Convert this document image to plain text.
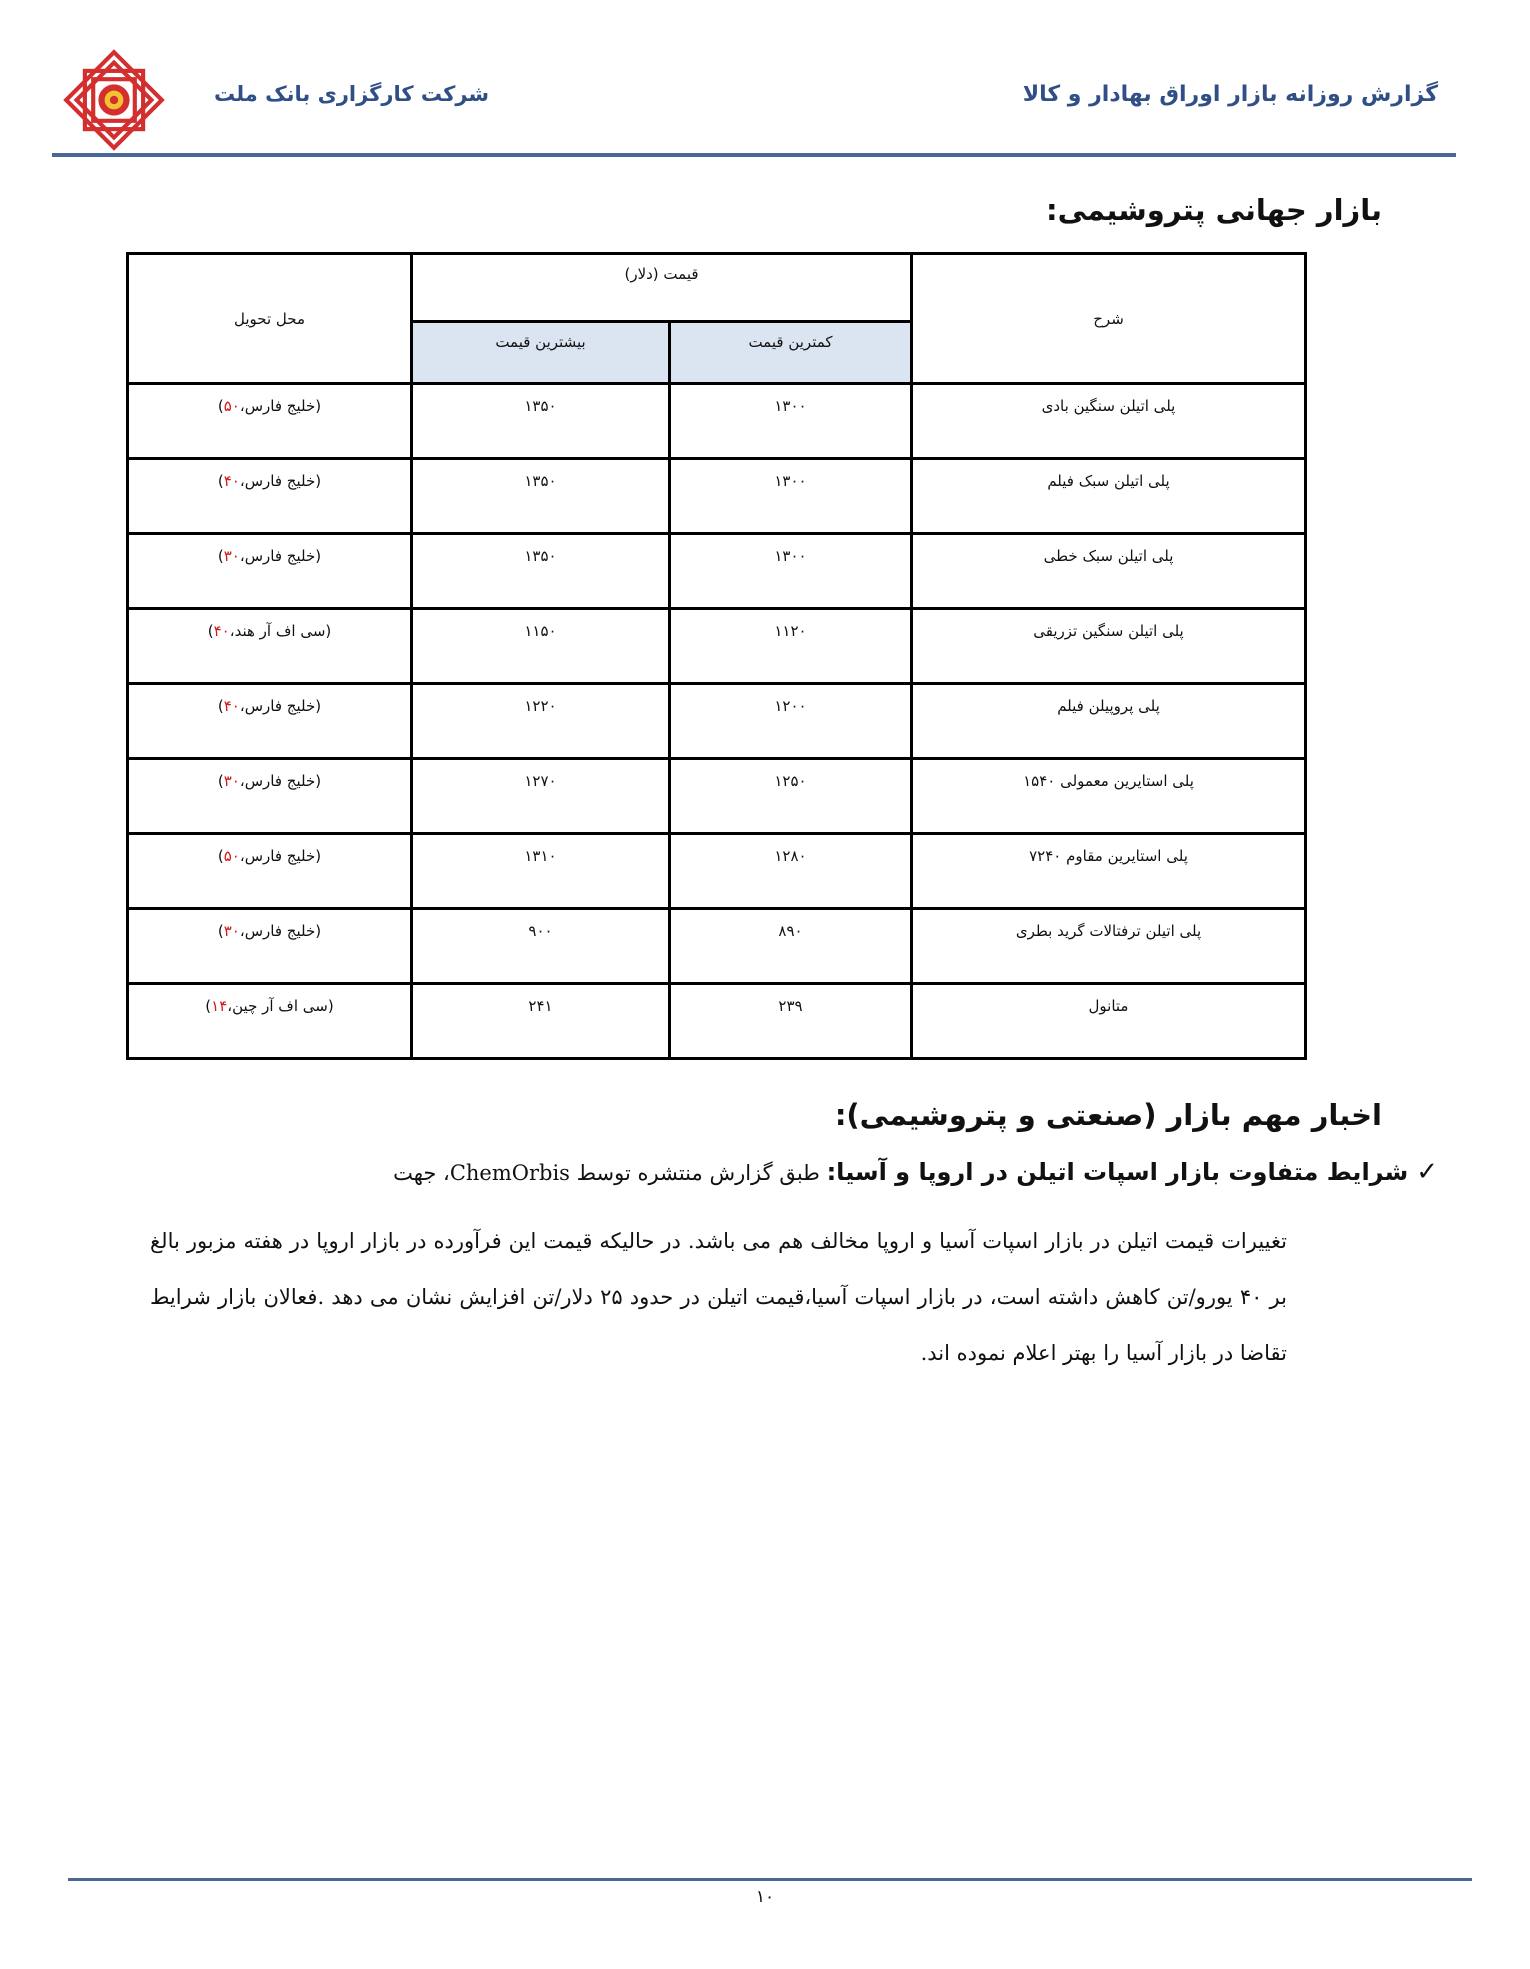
گزارش روزانه بازار اوراق بهادار و کالا
شرکت کارگزاری بانک ملت
بازار جهانی پتروشیمی:
شرح	قیمت (دلار)		محل تحویل
	کمترین قیمت	بیشترین قیمت	
پلی اتیلن سنگین بادی	۱۳۰۰	۱۳۵۰	(خلیج فارس،۵۰)
پلی اتیلن سبک فیلم	۱۳۰۰	۱۳۵۰	(خلیج فارس،۴۰)
پلی اتیلن سبک خطی	۱۳۰۰	۱۳۵۰	(خلیج فارس،۳۰)
پلی اتیلن سنگین تزریقی	۱۱۲۰	۱۱۵۰	(سی اف آر هند،۴۰)
پلی پروپیلن فیلم	۱۲۰۰	۱۲۲۰	(خلیج فارس،۴۰)
پلی استایرین معمولی ۱۵۴۰	۱۲۵۰	۱۲۷۰	(خلیج فارس،۳۰)
پلی استایرین مقاوم ۷۲۴۰	۱۲۸۰	۱۳۱۰	(خلیج فارس،۵۰)
پلی اتیلن ترفتالات گرید بطری	۸۹۰	۹۰۰	(خلیج فارس،۳۰)
متانول	۲۳۹	۲۴۱	(سی اف آر چین،۱۴)
اخبار مهم بازار (صنعتی و پتروشیمی):
✓شرایط متفاوت بازار اسپات اتیلن در اروپا و آسیا: طبق گزارش منتشره توسط ChemOrbis، جهت
تغییرات قیمت اتیلن در بازار اسپات آسیا و اروپا مخالف هم می باشد. در حالیکه قیمت این فرآورده در بازار اروپا در هفته مزبور بالغ بر ۴۰ یورو/تن کاهش داشته است، در بازار اسپات آسیا،قیمت اتیلن در حدود ۲۵ دلار/تن افزایش نشان می دهد .فعالان بازار شرایط تقاضا در بازار آسیا را بهتر اعلام نموده اند.
۱۰
